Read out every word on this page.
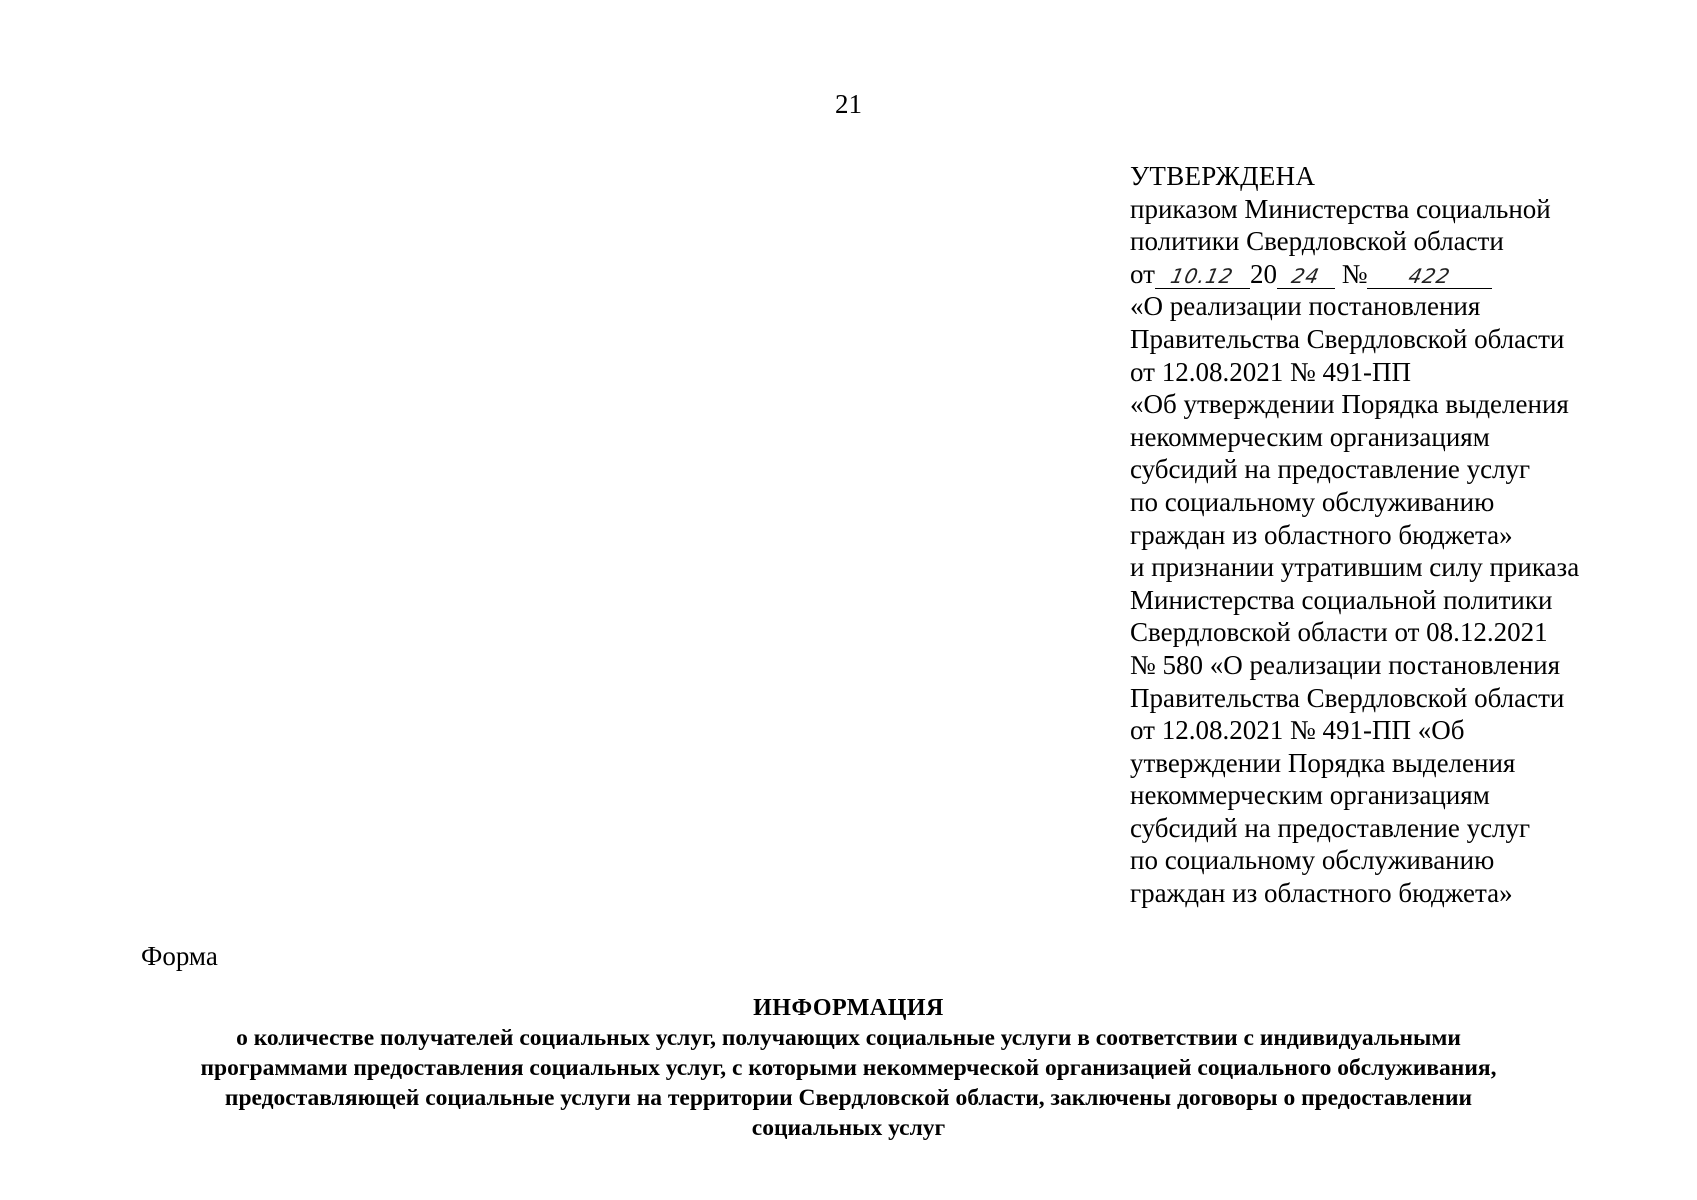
21
УТВЕРЖДЕНА
приказом Министерства социальной
политики Свердловской области
от 10.12 20 24 № 422
«О реализации постановления
Правительства Свердловской области
от 12.08.2021 № 491-ПП
«Об утверждении Порядка выделения
некоммерческим организациям
субсидий на предоставление услуг
по социальному обслуживанию
граждан из областного бюджета»
и признании утратившим силу приказа
Министерства социальной политики
Свердловской области от 08.12.2021
№ 580 «О реализации постановления
Правительства Свердловской области
от 12.08.2021 № 491-ПП «Об
утверждении Порядка выделения
некоммерческим организациям
субсидий на предоставление услуг
по социальному обслуживанию
граждан из областного бюджета»
Форма
ИНФОРМАЦИЯ
о количестве получателей социальных услуг, получающих социальные услуги в соответствии с индивидуальными
программами предоставления социальных услуг, с которыми некоммерческой организацией социального обслуживания,
предоставляющей социальные услуги на территории Свердловской области, заключены договоры о предоставлении
социальных услуг
